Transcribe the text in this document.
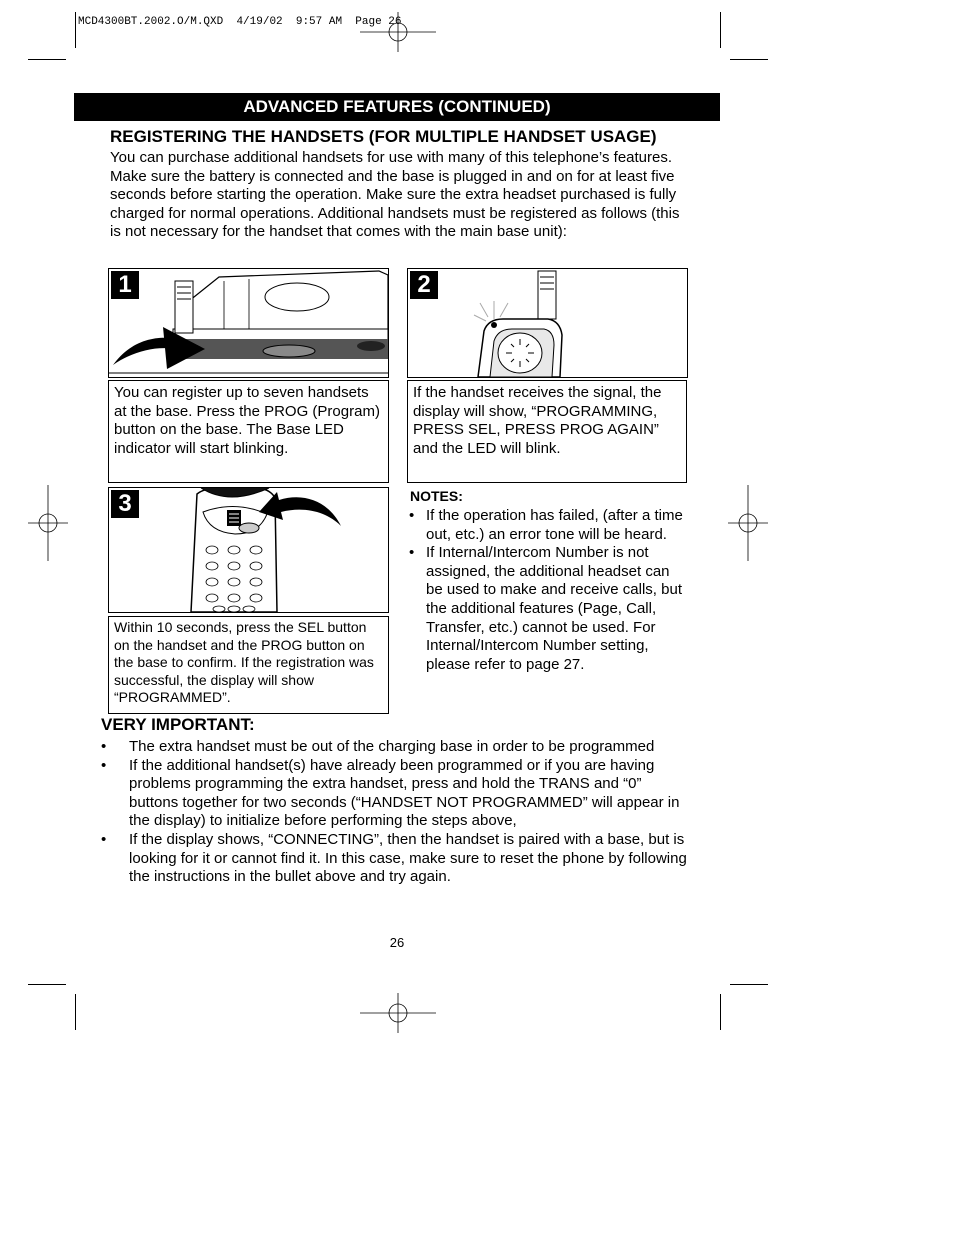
MCD4300BT.2002.O/M.QXD 4/19/02 9:57 AM Page 26
ADVANCED FEATURES (CONTINUED)
REGISTERING THE HANDSETS (FOR MULTIPLE HANDSET USAGE)
You can purchase additional handsets for use with many of this telephone’s features. Make sure the battery is connected and the base is plugged in and on for at least five seconds before starting the operation. Make sure the extra headset purchased is fully charged for normal operations. Additional handsets must be registered as follows (this is not necessary for the handset that comes with the main base unit):
1
You can register up to seven handsets at the base. Press the PROG (Program) button on the base. The Base LED indicator will start blinking.
2
If the handset receives the signal, the display will show, “PROGRAMMING, PRESS SEL, PRESS PROG AGAIN” and the LED will blink.
3
Within 10 seconds, press the SEL button on the handset and the PROG button on the base to confirm. If the registration was successful, the display will show “PROGRAMMED”.
NOTES:
• If the operation has failed, (after a time out, etc.) an error tone will be heard.
• If Internal/Intercom Number is not assigned, the additional headset can be used to make and receive calls, but the additional features (Page, Call, Transfer, etc.) cannot be used. For Internal/Intercom Number setting, please refer to page 27.
VERY IMPORTANT:
• The extra handset must be out of the charging base in order to be programmed
• If the additional handset(s) have already been programmed or if you are having problems programming the extra handset, press and hold the TRANS and “0” buttons together for two seconds (“HANDSET NOT PROGRAMMED” will appear in the display) to initialize before performing the steps above,
• If the display shows, “CONNECTING”, then the handset is paired with a base, but is looking for it or cannot find it. In this case, make sure to reset the phone by following the instructions in the bullet above and try again.
26
